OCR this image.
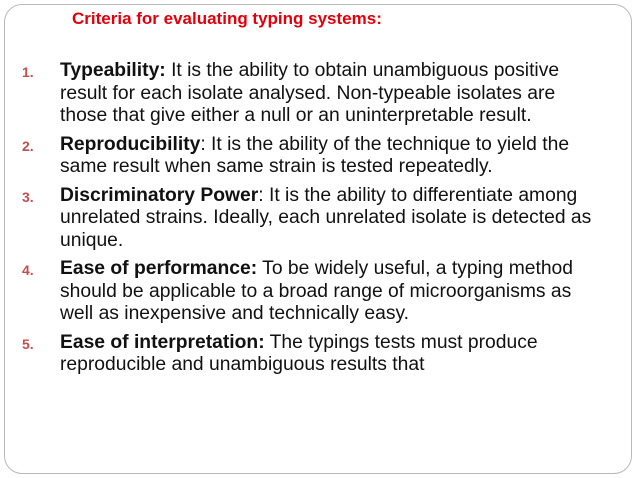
Criteria for evaluating typing systems:

1. Typeability: It is the ability to obtain unambiguous positive result for each isolate analysed. Non-typeable isolates are those that give either a null or an uninterpretable result.
2. Reproducibility: It is the ability of the technique to yield the same result when same strain is tested repeatedly.
3. Discriminatory Power: It is the ability to differentiate among unrelated strains. Ideally, each unrelated isolate is detected as unique.
4. Ease of performance: To be widely useful, a typing method should be applicable to a broad range of microorganisms as well as inexpensive and technically easy.
5. Ease of interpretation: The typings tests must produce reproducible and unambiguous results that
